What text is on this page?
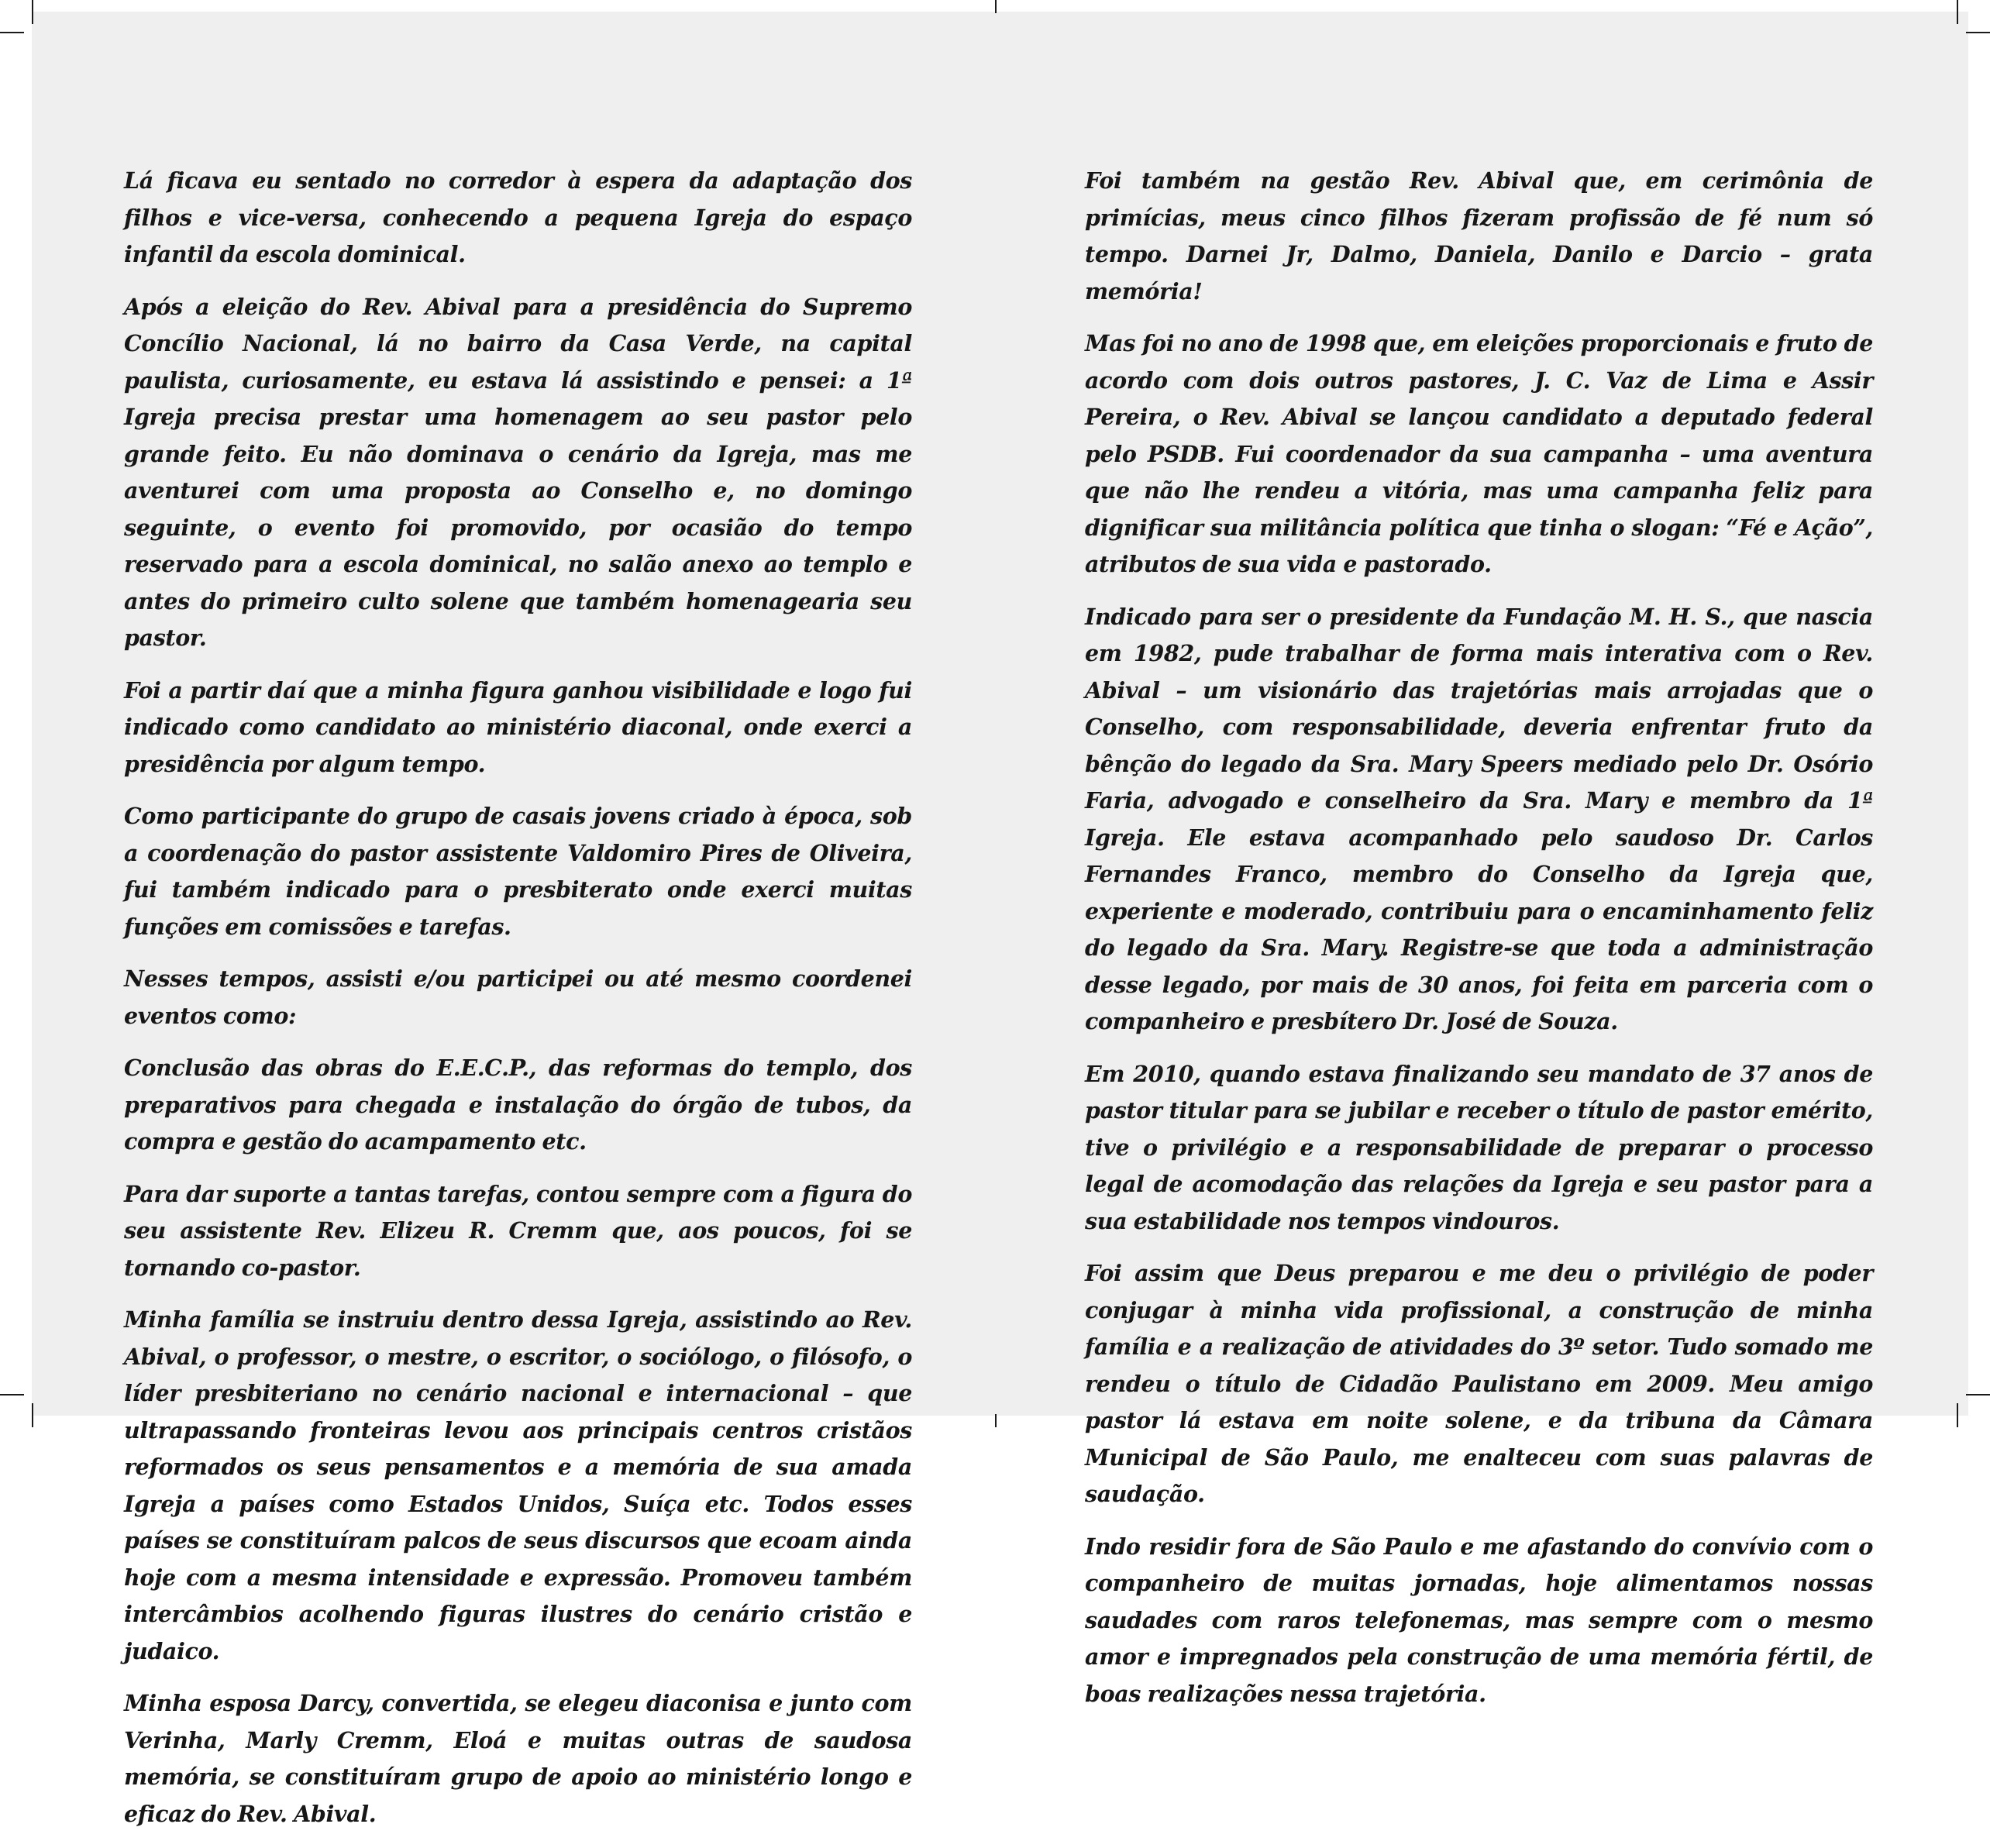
Lá ficava eu sentado no corredor à espera da adaptação dos filhos e vice-versa, conhecendo a pequena Igreja do espaço infantil da escola dominical.

Após a eleição do Rev. Abival para a presidência do Supremo Concílio Nacional, lá no bairro da Casa Verde, na capital paulista, curiosamente, eu estava lá assistindo e pensei: a 1ª Igreja precisa prestar uma homenagem ao seu pastor pelo grande feito. Eu não dominava o cenário da Igreja, mas me aventurei com uma proposta ao Conselho e, no domingo seguinte, o evento foi promovido, por ocasião do tempo reservado para a escola dominical, no salão anexo ao templo e antes do primeiro culto solene que também homenagearia seu pastor.

Foi a partir daí que a minha figura ganhou visibilidade e logo fui indicado como candidato ao ministério diaconal, onde exerci a presidência por algum tempo.

Como participante do grupo de casais jovens criado à época, sob a coordenação do pastor assistente Valdomiro Pires de Oliveira, fui também indicado para o presbiterato onde exerci muitas funções em comissões e tarefas.

Nesses tempos, assisti e/ou participei ou até mesmo coordenei eventos como:

Conclusão das obras do E.E.C.P., das reformas do templo, dos preparativos para chegada e instalação do órgão de tubos, da compra e gestão do acampamento etc.

Para dar suporte a tantas tarefas, contou sempre com a figura do seu assistente Rev. Elizeu R. Cremm que, aos poucos, foi se tornando co-pastor.

Minha família se instruiu dentro dessa Igreja, assistindo ao Rev. Abival, o professor, o mestre, o escritor, o sociólogo, o filósofo, o líder presbiteriano no cenário nacional e internacional – que ultrapassando fronteiras levou aos principais centros cristãos reformados os seus pensamentos e a memória de sua amada Igreja a países como Estados Unidos, Suíça etc. Todos esses países se constituíram palcos de seus discursos que ecoam ainda hoje com a mesma intensidade e expressão. Promoveu também intercâmbios acolhendo figuras ilustres do cenário cristão e judaico.

Minha esposa Darcy, convertida, se elegeu diaconisa e junto com Verinha, Marly Cremm, Eloá e muitas outras de saudosa memória, se constituíram grupo de apoio ao ministério longo e eficaz do Rev. Abival.

Foi também na gestão Rev. Abival que, em cerimônia de primícias, meus cinco filhos fizeram profissão de fé num só tempo. Darnei Jr, Dalmo, Daniela, Danilo e Darcio – grata memória!

Mas foi no ano de 1998 que, em eleições proporcionais e fruto de acordo com dois outros pastores, J. C. Vaz de Lima e Assir Pereira, o Rev. Abival se lançou candidato a deputado federal pelo PSDB. Fui coordenador da sua campanha – uma aventura que não lhe rendeu a vitória, mas uma campanha feliz para dignificar sua militância política que tinha o slogan: “Fé e Ação”, atributos de sua vida e pastorado.

Indicado para ser o presidente da Fundação M. H. S., que nascia em 1982, pude trabalhar de forma mais interativa com o Rev. Abival – um visionário das trajetórias mais arrojadas que o Conselho, com responsabilidade, deveria enfrentar fruto da bênção do legado da Sra. Mary Speers mediado pelo Dr. Osório Faria, advogado e conselheiro da Sra. Mary e membro da 1ª Igreja. Ele estava acompanhado pelo saudoso Dr. Carlos Fernandes Franco, membro do Conselho da Igreja que, experiente e moderado, contribuiu para o encaminhamento feliz do legado da Sra. Mary. Registre-se que toda a administração desse legado, por mais de 30 anos, foi feita em parceria com o companheiro e presbítero Dr. José de Souza.

Em 2010, quando estava finalizando seu mandato de 37 anos de pastor titular para se jubilar e receber o título de pastor emérito, tive o privilégio e a responsabilidade de preparar o processo legal de acomodação das relações da Igreja e seu pastor para a sua estabilidade nos tempos vindouros.

Foi assim que Deus preparou e me deu o privilégio de poder conjugar à minha vida profissional, a construção de minha família e a realização de atividades do 3º setor. Tudo somado me rendeu o título de Cidadão Paulistano em 2009. Meu amigo pastor lá estava em noite solene, e da tribuna da Câmara Municipal de São Paulo, me enalteceu com suas palavras de saudação.

Indo residir fora de São Paulo e me afastando do convívio com o companheiro de muitas jornadas, hoje alimentamos nossas saudades com raros telefonemas, mas sempre com o mesmo amor e impregnados pela construção de uma memória fértil, de boas realizações nessa trajetória.
